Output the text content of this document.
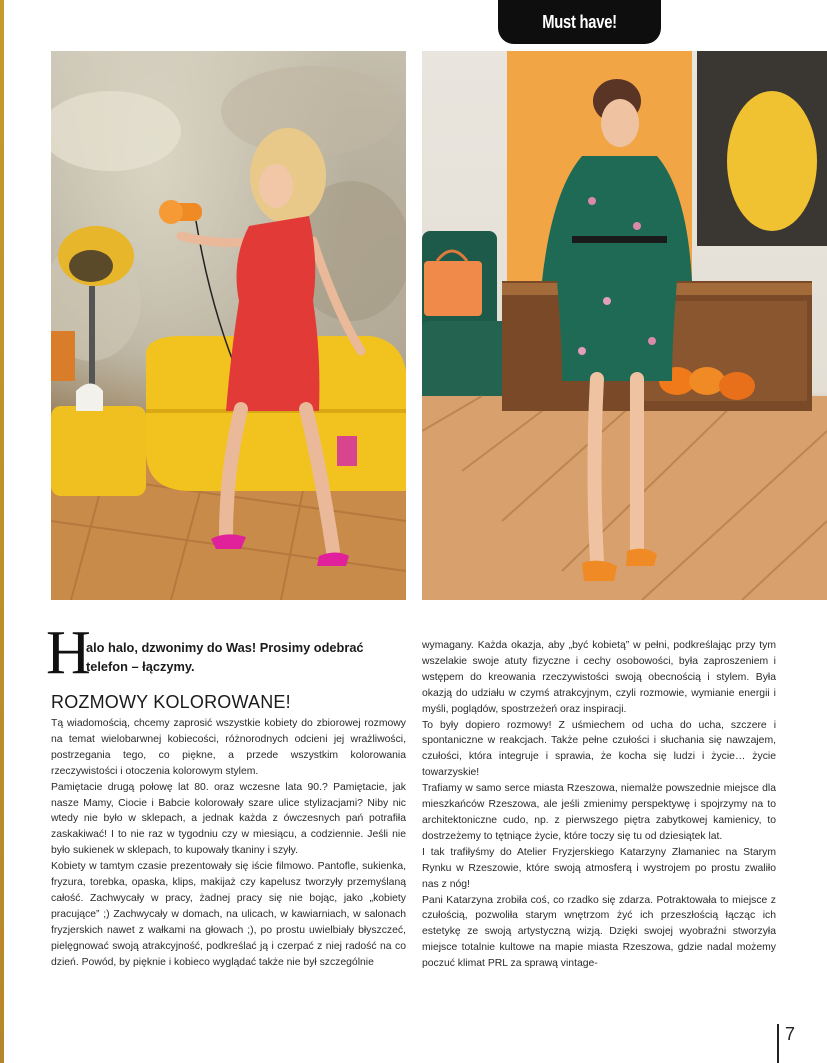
Must have!
H
alo halo, dzwonimy do Was! Prosimy odebrać telefon – łączymy.
ROZMOWY KOLOROWANE!

Tą wiadomością, chcemy zaprosić wszystkie kobiety do zbiorowej rozmowy na temat wielobarwnej kobiecości, różnorodnych odcieni jej wrażliwości, postrzegania tego, co piękne, a przede wszystkim kolorowania rzeczywistości i otoczenia kolorowym stylem.

Pamiętacie drugą połowę lat 80. oraz wczesne lata 90.? Pamiętacie, jak nasze Mamy, Ciocie i Babcie kolorowały szare ulice stylizacjami? Niby nic wtedy nie było w sklepach, a jednak każda z ówczesnych pań potrafiła zaskakiwać! I to nie raz w tygodniu czy w miesiącu, a codziennie. Jeśli nie było sukienek w sklepach, to kupowały tkaniny i szyły.

Kobiety w tamtym czasie prezentowały się iście filmowo. Pantofle, sukienka, fryzura, torebka, opaska, klips, makijaż czy kapelusz tworzyły przemyślaną całość. Zachwycały w pracy, żadnej pracy się nie bojąc, jako „kobiety pracujące” ;) Zachwycały w domach, na ulicach, w kawiarniach, w salonach fryzjerskich nawet z wałkami na głowach ;), po prostu uwielbiały błyszczeć, pielęgnować swoją atrakcyjność, podkreślać ją i czerpać z niej radość na co dzień. Powód, by pięknie i kobieco wyglądać także nie był szczególnie

wymagany. Każda okazja, aby „być kobietą” w pełni, podkreślając przy tym wszelakie swoje atuty fizyczne i cechy osobowości, była zaproszeniem i wstępem do kreowania rzeczywistości swoją obecnością i stylem. Była okazją do udziału w czymś atrakcyjnym, czyli rozmowie, wymianie energii i myśli, poglądów, spostrzeżeń oraz inspiracji.

To były dopiero rozmowy! Z uśmiechem od ucha do ucha, szczere i spontaniczne w reakcjach. Także pełne czułości i słuchania się nawzajem, czułości, która integruje i sprawia, że kocha się ludzi i życie… życie towarzyskie!

Trafiamy w samo serce miasta Rzeszowa, niemalże powszednie miejsce dla mieszkańców Rzeszowa, ale jeśli zmienimy perspektywę i spojrzymy na to architektoniczne cudo, np. z pierwszego piętra zabytkowej kamienicy, to dostrzeżemy to tętniące życie, które toczy się tu od dziesiątek lat.

I tak trafiłyśmy do Atelier Fryzjerskiego Katarzyny Złamaniec na Starym Rynku w Rzeszowie, które swoją atmosferą i wystrojem po prostu zwaliło nas z nóg!

Pani Katarzyna zrobiła coś, co rzadko się zdarza. Potraktowała to miejsce z czułością, pozwoliła starym wnętrzom żyć ich przeszłością łącząc ich estetykę ze swoją artystyczną wizją. Dzięki swojej wyobraźni stworzyła miejsce totalnie kultowe na mapie miasta Rzeszowa, gdzie nadal możemy poczuć klimat PRL za sprawą vintage-

7
